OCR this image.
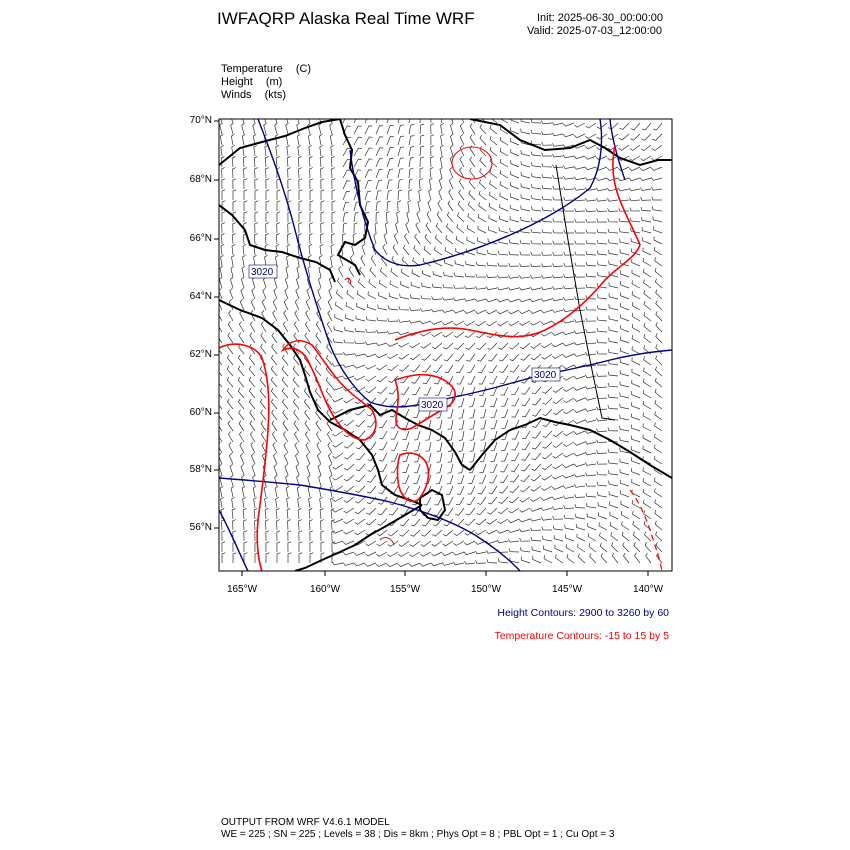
IWFAQRP Alaska Real Time WRF	Init: 2025-06-30_00:00:00
Valid: 2025-07-03_12:00:00
Temperature (C)
Height (m)
Winds (kts)
3020
3020
3020
70°N
68°N
66°N
64°N
62°N
60°N
58°N
56°N
165°W	160°W	155°W	150°W	145°W	140°W
Height Contours: 2900 to 3260 by 60
Temperature Contours: -15 to 15 by 5
OUTPUT FROM WRF V4.6.1 MODEL
WE = 225 ; SN = 225 ; Levels = 38 ; Dis = 8km ; Phys Opt = 8 ; PBL Opt = 1 ; Cu Opt = 3
